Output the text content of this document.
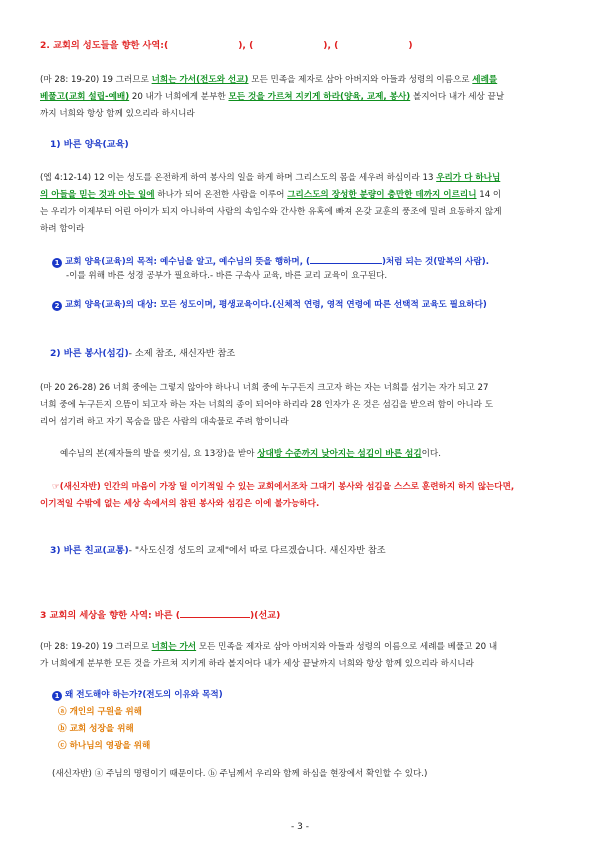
2. 교회의 성도들을 향한 사역:(	), (	), (	)
(마 28: 19-20) 19 그러므로 너희는 가서(전도와 선교) 모든 민족을 제자로 삼아 아버지와 아들과 성령의 이름으로 세례를
베풀고(교회 설립-예배) 20 내가 너희에게 분부한 모든 것을 가르쳐 지키게 하라(양육, 교제, 봉사) 볼지어다 내가 세상 끝날
까지 너희와 항상 함께 있으리라 하시니라
1) 바른 양육(교육)
(엡 4:12-14) 12 이는 성도를 온전하게 하여 봉사의 일을 하게 하며 그리스도의 몸을 세우려 하심이라 13 우리가 다 하나님
의 아들을 믿는 것과 아는 일에 하나가 되어 온전한 사람을 이루어 그리스도의 장성한 분량이 충만한 데까지 이르리니 14 이
는 우리가 이제부터 어린 아이가 되지 아니하여 사람의 속임수와 간사한 유혹에 빠져 온갖 교훈의 풍조에 밀려 요동하지 않게
하려 함이라
1 교회 양육(교육)의 목적: 예수님을 알고, 예수님의 뜻을 행하며, (	)처럼 되는 것(말복의 사람).
-이를 위해 바른 성경 공부가 필요하다.- 바른 구속사 교육, 바른 교리 교육이 요구된다.
2 교회 양육(교육)의 대상: 모든 성도이며, 평생교육이다.(신체적 연령, 영적 연령에 따른 선택적 교육도 필요하다)
2) 바른 봉사(섬김)- 소제 참조, 새신자반 참조
(마 20 26-28) 26 너희 중에는 그렇지 않아야 하나니 너희 중에 누구든지 크고자 하는 자는 너희를 섬기는 자가 되고 27
너희 중에 누구든지 으뜸이 되고자 하는 자는 너희의 종이 되어야 하리라 28 인자가 온 것은 섬김을 받으려 함이 아니라 도
리어 섬기려 하고 자기 목숨을 많은 사람의 대속물로 주려 함이니라
예수님의 본(제자들의 발을 씻기심, 요 13장)을 받아 상대방 수준까지 낮아지는 섬김이 바른 섬김이다.
☞(새신자반) 인간의 마음이 가장 덜 이기적일 수 있는 교회에서조차 그대기 봉사와 섬김을 스스로 훈련하지 하지 않는다면,
이기적일 수밖에 없는 세상 속에서의 참된 봉사와 섬김은 이에 불가능하다.
3) 바른 친교(교통)- "사도신경 성도의 교제"에서 따로 다르겠습니다. 새신자반 참조
3 교회의 세상을 향한 사역: 바른 (	)(선교)
(마 28: 19-20) 19 그러므로 너희는 가서 모든 민족을 제자로 삼아 아버지와 아들과 성령의 이름으로 세례를 베풀고 20 내
가 너희에게 분부한 모든 것을 가르쳐 지키게 하라 볼지어다 내가 세상 끝날까지 너희와 항상 함께 있으리라 하시니라
1 왜 전도해야 하는가?(전도의 이유와 목적)
ⓐ 개인의 구원을 위해
ⓑ 교회 성장을 위해
ⓒ 하나님의 영광을 위해
(새신자반) ⓐ 주님의 명령이기 때문이다. ⓑ 주님께서 우리와 함께 하심을 현장에서 확인할 수 있다.)
- 3 -
